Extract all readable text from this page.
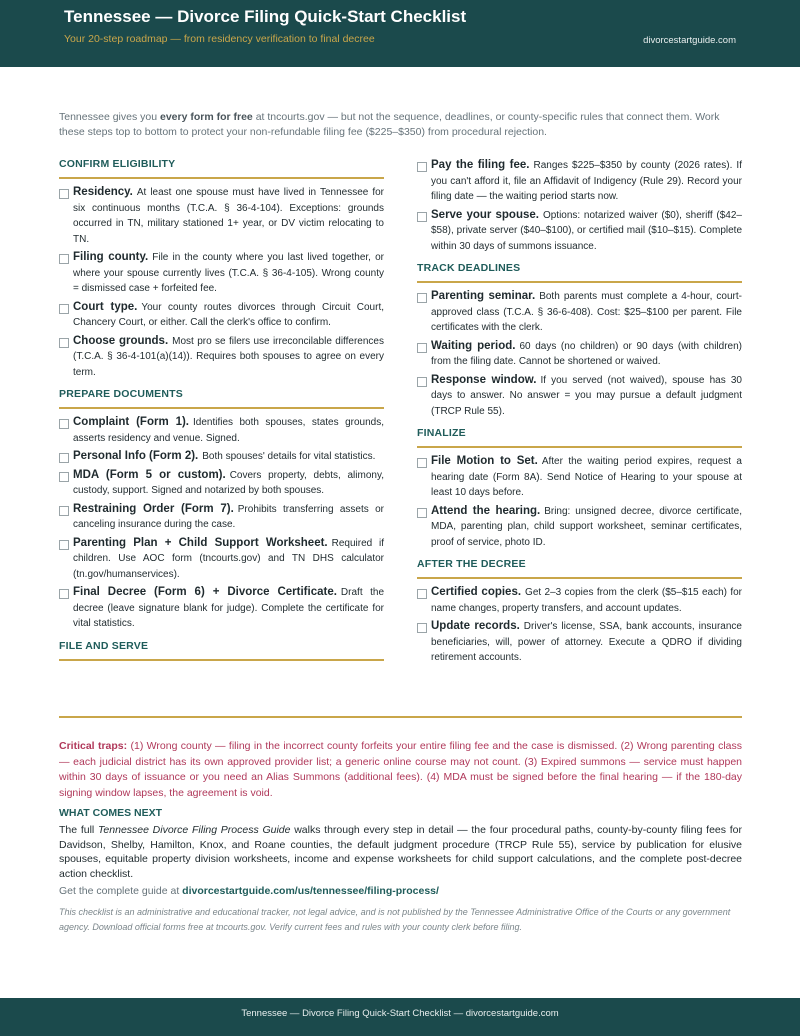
Tennessee — Divorce Filing Quick-Start Checklist
Your 20-step roadmap — from residency verification to final decree	divorcestartguide.com
Tennessee gives you every form for free at tncourts.gov — but not the sequence, deadlines, or county-specific rules that connect them. Work these steps top to bottom to protect your non-refundable filing fee ($225–$350) from procedural rejection.
CONFIRM ELIGIBILITY
Residency. At least one spouse must have lived in Tennessee for six continuous months (T.C.A. § 36-4-104). Exceptions: grounds occurred in TN, military stationed 1+ year, or DV victim relocating to TN.
Filing county. File in the county where you last lived together, or where your spouse currently lives (T.C.A. § 36-4-105). Wrong county = dismissed case + forfeited fee.
Court type. Your county routes divorces through Circuit Court, Chancery Court, or either. Call the clerk's office to confirm.
Choose grounds. Most pro se filers use irreconcilable differences (T.C.A. § 36-4-101(a)(14)). Requires both spouses to agree on every term.
PREPARE DOCUMENTS
Complaint (Form 1). Identifies both spouses, states grounds, asserts residency and venue. Signed.
Personal Info (Form 2). Both spouses' details for vital statistics.
MDA (Form 5 or custom). Covers property, debts, alimony, custody, support. Signed and notarized by both spouses.
Restraining Order (Form 7). Prohibits transferring assets or canceling insurance during the case.
Parenting Plan + Child Support Worksheet. Required if children. Use AOC form (tncourts.gov) and TN DHS calculator (tn.gov/humanservices).
Final Decree (Form 6) + Divorce Certificate. Draft the decree (leave signature blank for judge). Complete the certificate for vital statistics.
FILE AND SERVE
Pay the filing fee. Ranges $225–$350 by county (2026 rates). If you can't afford it, file an Affidavit of Indigency (Rule 29). Record your filing date — the waiting period starts now.
Serve your spouse. Options: notarized waiver ($0), sheriff ($42–$58), private server ($40–$100), or certified mail ($10–$15). Complete within 30 days of summons issuance.
TRACK DEADLINES
Parenting seminar. Both parents must complete a 4-hour, court-approved class (T.C.A. § 36-6-408). Cost: $25–$100 per parent. File certificates with the clerk.
Waiting period. 60 days (no children) or 90 days (with children) from the filing date. Cannot be shortened or waived.
Response window. If you served (not waived), spouse has 30 days to answer. No answer = you may pursue a default judgment (TRCP Rule 55).
FINALIZE
File Motion to Set. After the waiting period expires, request a hearing date (Form 8A). Send Notice of Hearing to your spouse at least 10 days before.
Attend the hearing. Bring: unsigned decree, divorce certificate, MDA, parenting plan, child support worksheet, seminar certificates, proof of service, photo ID.
AFTER THE DECREE
Certified copies. Get 2–3 copies from the clerk ($5–$15 each) for name changes, property transfers, and account updates.
Update records. Driver's license, SSA, bank accounts, insurance beneficiaries, will, power of attorney. Execute a QDRO if dividing retirement accounts.
Critical traps: (1) Wrong county — filing in the incorrect county forfeits your entire filing fee and the case is dismissed. (2) Wrong parenting class — each judicial district has its own approved provider list; a generic online course may not count. (3) Expired summons — service must happen within 30 days of issuance or you need an Alias Summons (additional fees). (4) MDA must be signed before the final hearing — if the 180-day signing window lapses, the agreement is void.
WHAT COMES NEXT
The full Tennessee Divorce Filing Process Guide walks through every step in detail — the four procedural paths, county-by-county filing fees for Davidson, Shelby, Hamilton, Knox, and Roane counties, the default judgment procedure (TRCP Rule 55), service by publication for elusive spouses, equitable property division worksheets, income and expense worksheets for child support calculations, and the complete post-decree action checklist.
Get the complete guide at divorcestartguide.com/us/tennessee/filing-process/
This checklist is an administrative and educational tracker, not legal advice, and is not published by the Tennessee Administrative Office of the Courts or any government agency. Download official forms free at tncourts.gov. Verify current fees and rules with your county clerk before filing.
Tennessee — Divorce Filing Quick-Start Checklist — divorcestartguide.com
